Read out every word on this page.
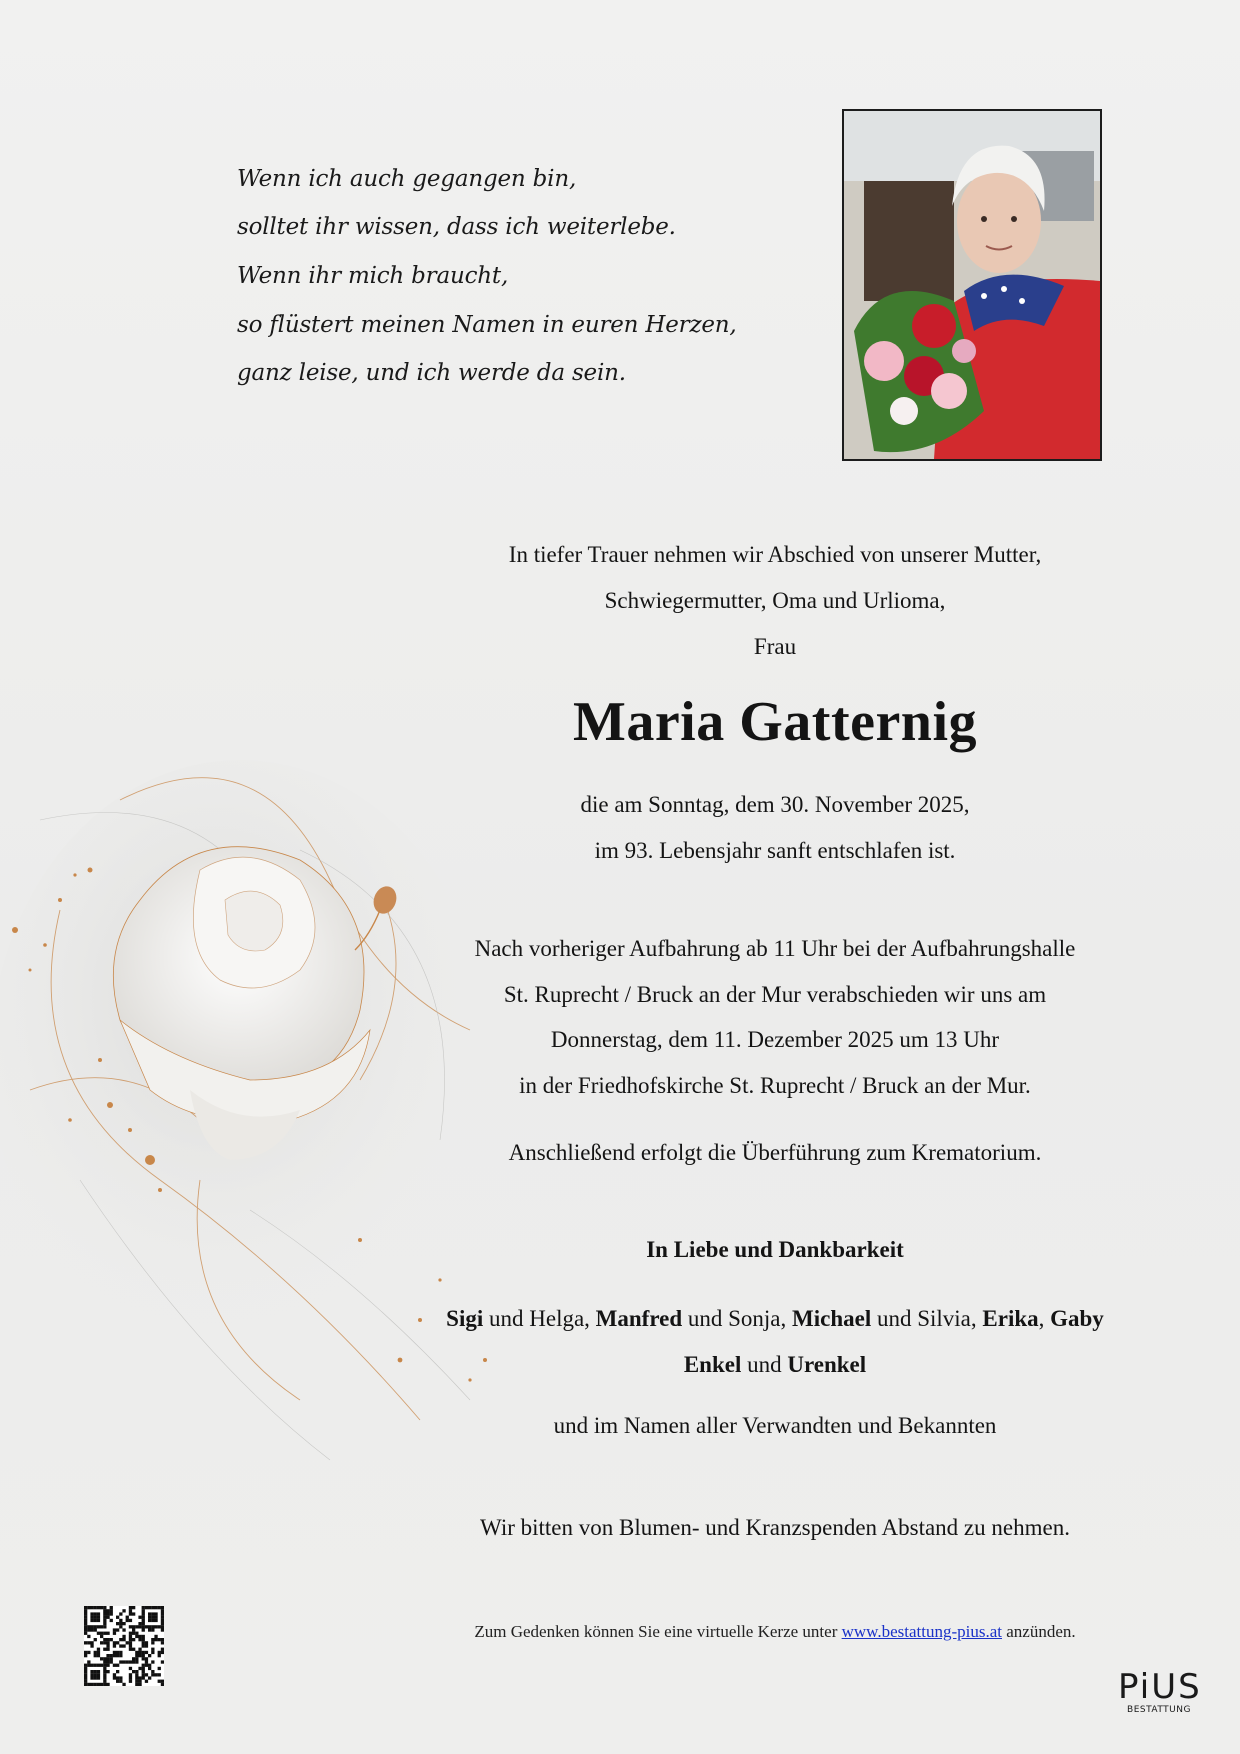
Wenn ich auch gegangen bin,
solltet ihr wissen, dass ich weiterlebe.
Wenn ihr mich braucht,
so flüstert meinen Namen in euren Herzen,
ganz leise, und ich werde da sein.
In tiefer Trauer nehmen wir Abschied von unserer Mutter,
Schwiegermutter, Oma und Urlioma,
Frau
Maria Gatternig
die am Sonntag, dem 30. November 2025,
im 93. Lebensjahr sanft entschlafen ist.
Nach vorheriger Aufbahrung ab 11 Uhr bei der Aufbahrungshalle
St. Ruprecht / Bruck an der Mur verabschieden wir uns am
Donnerstag, dem 11. Dezember 2025 um 13 Uhr
in der Friedhofskirche St. Ruprecht / Bruck an der Mur.
Anschließend erfolgt die Überführung zum Krematorium.
In Liebe und Dankbarkeit
Sigi und Helga, Manfred und Sonja, Michael und Silvia, Erika, Gaby
Enkel und Urenkel
und im Namen aller Verwandten und Bekannten
Wir bitten von Blumen- und Kranzspenden Abstand zu nehmen.
Zum Gedenken können Sie eine virtuelle Kerze unter www.bestattung-pius.at anzünden.
PiUS
BESTATTUNG
